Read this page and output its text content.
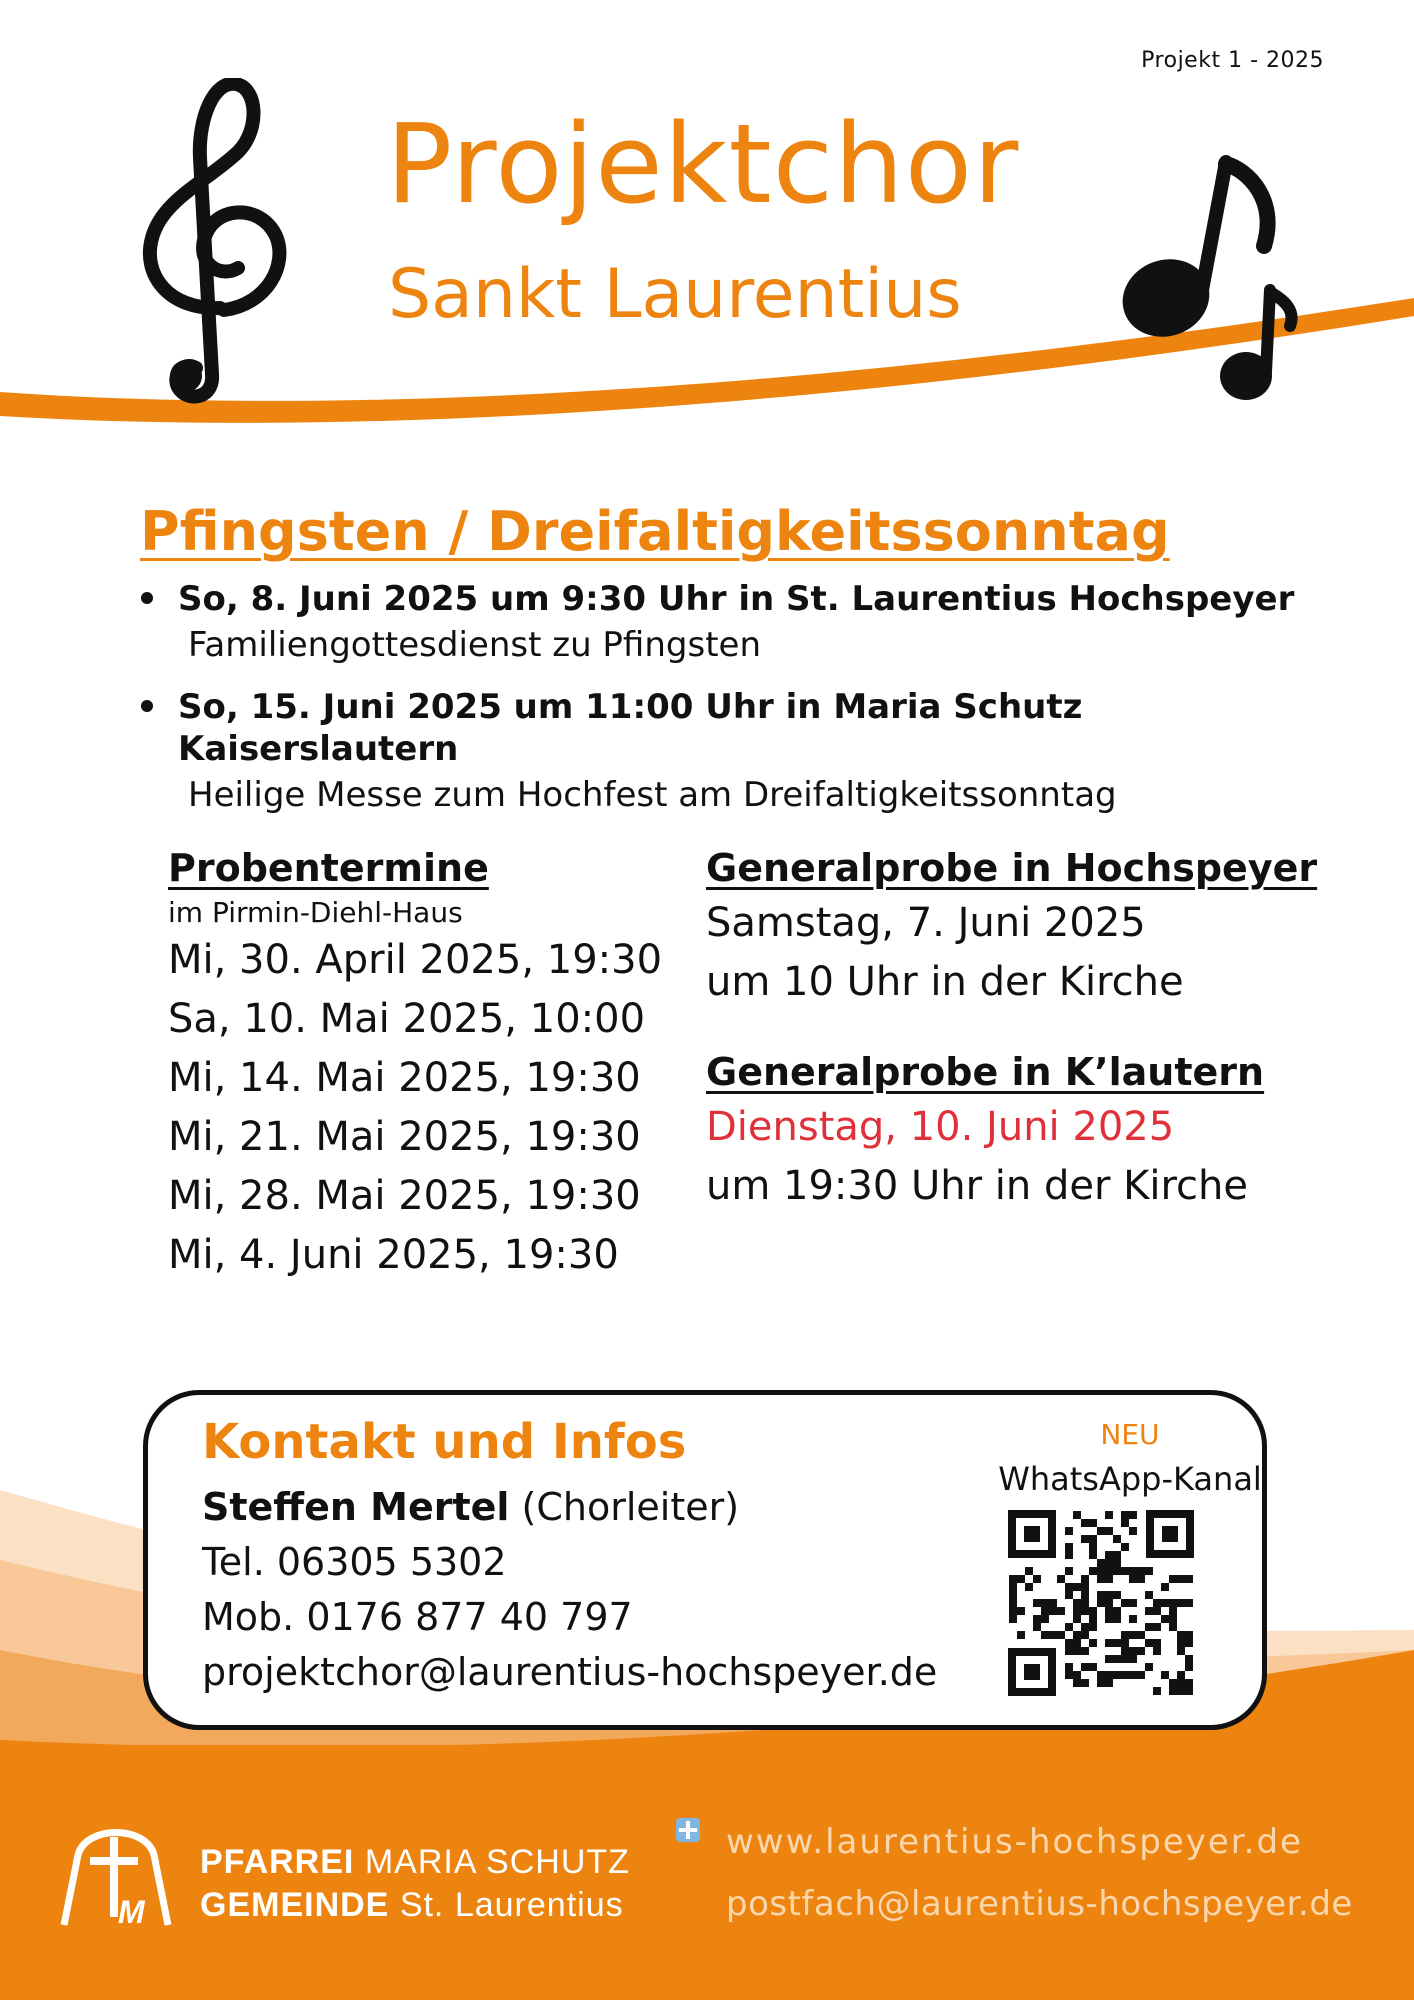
Projekt 1 - 2025
Projektchor
Sankt Laurentius
Pfingsten / Dreifaltigkeitssonntag
So, 8. Juni 2025 um 9:30 Uhr in St. Laurentius Hochspeyer
Familiengottesdienst zu Pfingsten
So, 15. Juni 2025 um 11:00 Uhr in Maria Schutz Kaiserslautern
Heilige Messe zum Hochfest am Dreifaltigkeitssonntag
Probentermine
im Pirmin-Diehl-Haus
Mi, 30. April 2025, 19:30
Sa, 10. Mai 2025, 10:00
Mi, 14. Mai 2025, 19:30
Mi, 21. Mai 2025, 19:30
Mi, 28. Mai 2025, 19:30
Mi, 4. Juni 2025, 19:30
Generalprobe in Hochspeyer
Samstag, 7. Juni 2025
um 10 Uhr in der Kirche
Generalprobe in K’lautern
Dienstag, 10. Juni 2025
um 19:30 Uhr in der Kirche
Kontakt und Infos
Steffen Mertel (Chorleiter)
Tel. 06305 5302
Mob. 0176 877 40 797
projektchor@laurentius-hochspeyer.de
NEU
WhatsApp-Kanal
M
PFARREI MARIA SCHUTZ
GEMEINDE St. Laurentius
www.laurentius-hochspeyer.de
postfach@laurentius-hochspeyer.de
